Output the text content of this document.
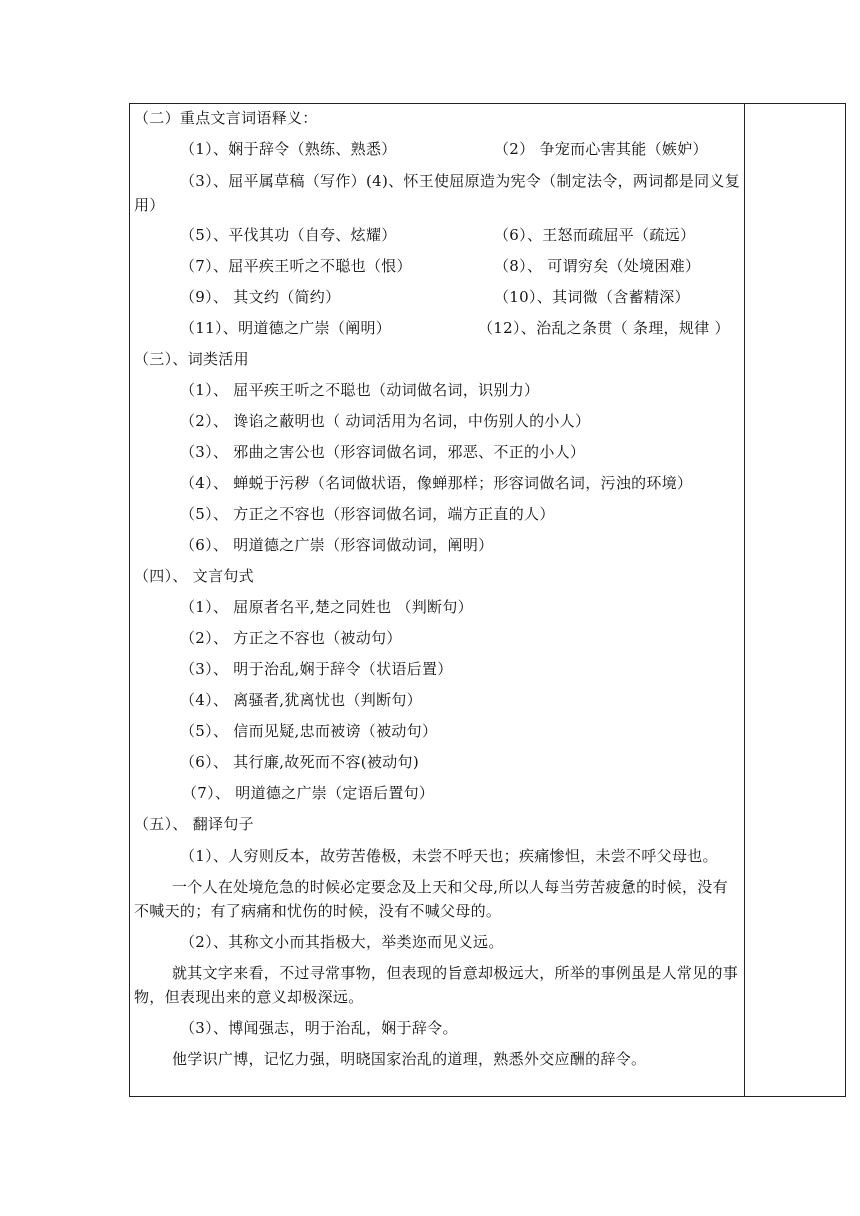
（二）重点文言词语释义：
（1）、娴于辞令（熟练、熟悉）	（2） 争宠而心害其能（嫉妒）
（3）、屈平属草稿（写作）(4)、怀王使屈原造为宪令（制定法令，两词都是同义复用）
（5）、平伐其功（自夸、炫耀）	（6）、王怒而疏屈平（疏远）
（7）、屈平疾王听之不聪也（恨）	（8）、 可谓穷矣（处境困难）
（9）、 其文约（简约）	（10）、其词微（含蓄精深）
（11）、明道德之广崇（阐明）	（12）、治乱之条贯（ 条理，规律 ）
（三）、词类活用
（1）、 屈平疾王听之不聪也（动词做名词，识别力）
（2）、 谗谄之蔽明也（ 动词活用为名词，中伤别人的小人）
（3）、 邪曲之害公也（形容词做名词，邪恶、不正的小人）
（4）、 蝉蜕于污秽（名词做状语，像蝉那样；形容词做名词，污浊的环境）
（5）、 方正之不容也（形容词做名词，端方正直的人）
（6）、 明道德之广崇（形容词做动词，阐明）
（四）、 文言句式
（1）、 屈原者名平,楚之同姓也 （判断句）
（2）、 方正之不容也（被动句）
（3）、 明于治乱,娴于辞令（状语后置）
（4）、 离骚者,犹离忧也（判断句）
（5）、 信而见疑,忠而被谤（被动句）
（6）、 其行廉,故死而不容(被动句)
（7）、 明道德之广崇（定语后置句）
（五）、 翻译句子
（1）、人穷则反本，故劳苦倦极，未尝不呼天也；疾痛惨怛，未尝不呼父母也。
一个人在处境危急的时候必定要念及上天和父母,所以人每当劳苦疲惫的时候，没有不喊天的；有了病痛和忧伤的时候，没有不喊父母的。
（2）、其称文小而其指极大，举类迩而见义远。
就其文字来看，不过寻常事物，但表现的旨意却极远大，所举的事例虽是人常见的事物，但表现出来的意义却极深远。
（3）、博闻强志，明于治乱，娴于辞令。
他学识广博，记忆力强，明晓国家治乱的道理，熟悉外交应酬的辞令。
